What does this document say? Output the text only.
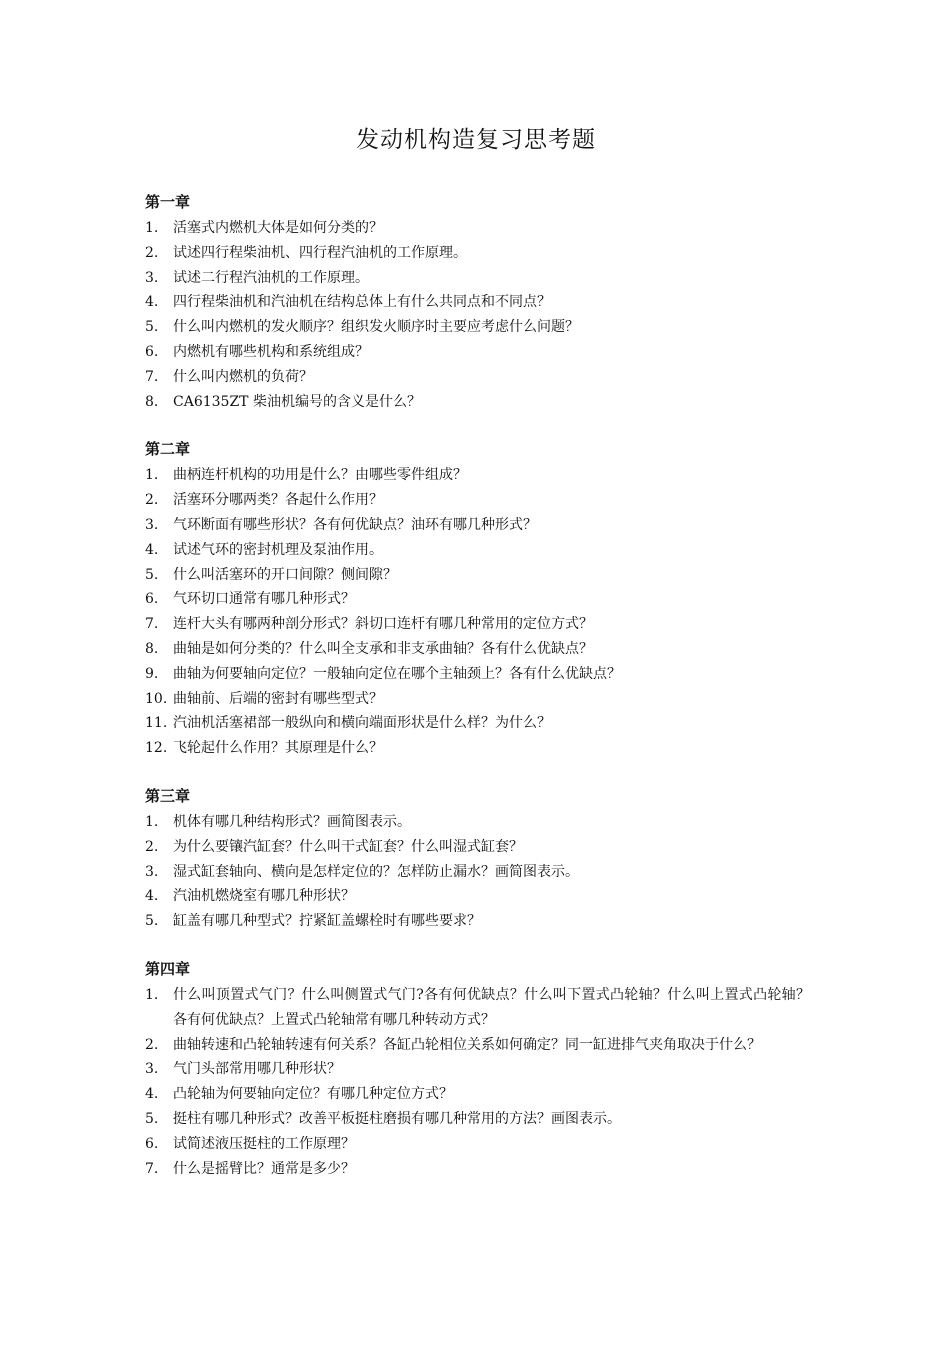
发动机构造复习思考题
第一章
1.	活塞式内燃机大体是如何分类的？
2.	试述四行程柴油机、四行程汽油机的工作原理。
3.	试述二行程汽油机的工作原理。
4.	四行程柴油机和汽油机在结构总体上有什么共同点和不同点？
5.	什么叫内燃机的发火顺序？组织发火顺序时主要应考虑什么问题？
6.	内燃机有哪些机构和系统组成？
7.	什么叫内燃机的负荷？
8.	CA6135ZT 柴油机编号的含义是什么？
第二章
1.	曲柄连杆机构的功用是什么？由哪些零件组成？
2.	活塞环分哪两类？各起什么作用？
3.	气环断面有哪些形状？各有何优缺点？油环有哪几种形式？
4.	试述气环的密封机理及泵油作用。
5.	什么叫活塞环的开口间隙？侧间隙？
6.	气环切口通常有哪几种形式？
7.	连杆大头有哪两种剖分形式？斜切口连杆有哪几种常用的定位方式？
8.	曲轴是如何分类的？什么叫全支承和非支承曲轴？各有什么优缺点？
9.	曲轴为何要轴向定位？一般轴向定位在哪个主轴颈上？各有什么优缺点？
10. 曲轴前、后端的密封有哪些型式？
11. 汽油机活塞裙部一般纵向和横向端面形状是什么样？为什么？
12. 飞轮起什么作用？其原理是什么？
第三章
1.	机体有哪几种结构形式？画简图表示。
2.	为什么要镶汽缸套？什么叫干式缸套？什么叫湿式缸套？
3.	湿式缸套轴向、横向是怎样定位的？怎样防止漏水？画简图表示。
4.	汽油机燃烧室有哪几种形状？
5.	缸盖有哪几种型式？拧紧缸盖螺栓时有哪些要求？
第四章
1.	什么叫顶置式气门？什么叫侧置式气门?各有何优缺点？什么叫下置式凸轮轴？什么叫上置式凸轮轴？各有何优缺点？上置式凸轮轴常有哪几种转动方式？
2.	曲轴转速和凸轮轴转速有何关系？各缸凸轮相位关系如何确定？同一缸进排气夹角取决于什么？
3.	气门头部常用哪几种形状？
4.	凸轮轴为何要轴向定位？有哪几种定位方式？
5.	挺柱有哪几种形式？改善平板挺柱磨损有哪几种常用的方法？画图表示。
6.	试简述液压挺柱的工作原理？
7.	什么是摇臂比？通常是多少？
